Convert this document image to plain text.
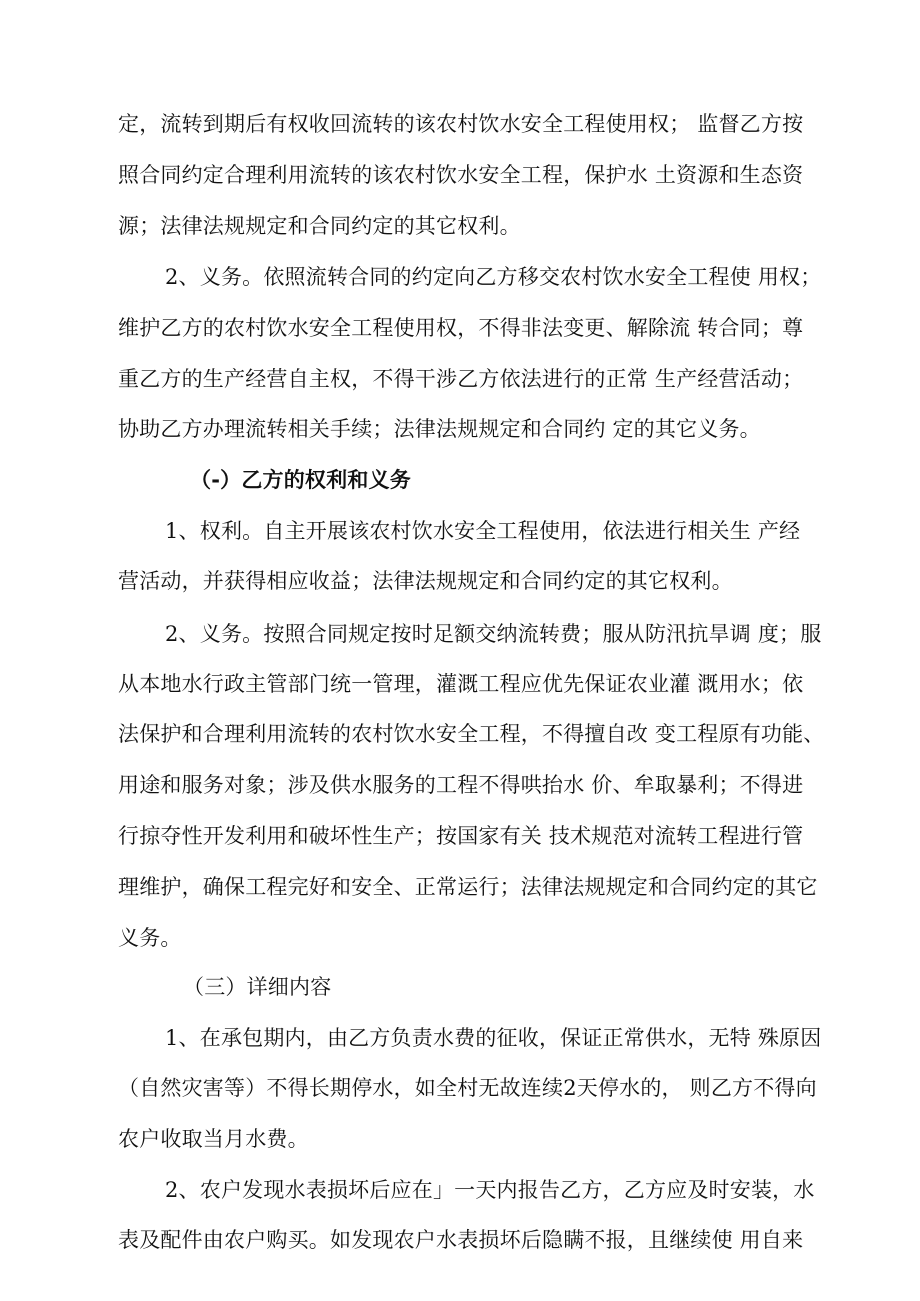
定，流转到期后有权收回流转的该农村饮水安全工程使用权； 监督乙方按
照合同约定合理利用流转的该农村饮水安全工程，保护水 土资源和生态资
源；法律法规规定和合同约定的其它权利。
2、义务。依照流转合同的约定向乙方移交农村饮水安全工程使 用权；
维护乙方的农村饮水安全工程使用权，不得非法变更、解除流 转合同；尊
重乙方的生产经营自主权，不得干涉乙方依法进行的正常 生产经营活动；
协助乙方办理流转相关手续；法律法规规定和合同约 定的其它义务。
（-）乙方的权利和义务
1、权利。自主开展该农村饮水安全工程使用，依法进行相关生 产经
营活动，并获得相应收益；法律法规规定和合同约定的其它权利。
2、义务。按照合同规定按时足额交纳流转费；服从防汛抗旱调 度；服
从本地水行政主管部门统一管理，灌溉工程应优先保证农业灌 溉用水；依
法保护和合理利用流转的农村饮水安全工程，不得擅自改 变工程原有功能、
用途和服务对象；涉及供水服务的工程不得哄抬水 价、牟取暴利；不得进
行掠夺性开发利用和破坏性生产；按国家有关 技术规范对流转工程进行管
理维护，确保工程完好和安全、正常运行；法律法规规定和合同约定的其它
义务。
（三）详细内容
1、在承包期内，由乙方负责水费的征收，保证正常供水，无特 殊原因
（自然灾害等）不得长期停水，如全村无故连续2天停水的， 则乙方不得向
农户收取当月水费。
2、农户发现水表损坏后应在」一天内报告乙方，乙方应及时安装，水
表及配件由农户购买。如发现农户水表损坏后隐瞒不报，且继续使 用自来
